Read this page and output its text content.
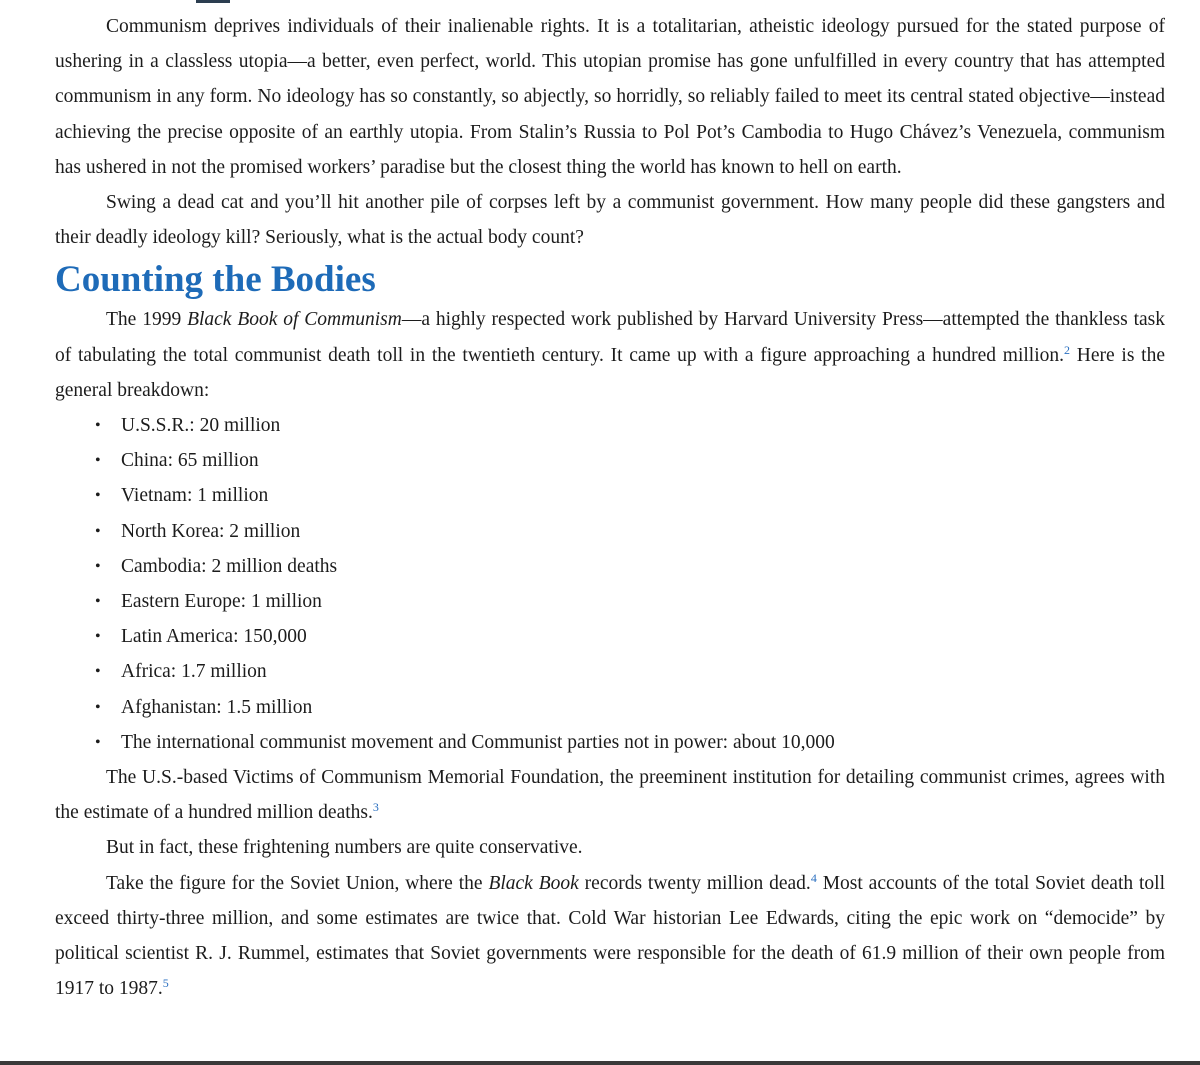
Communism deprives individuals of their inalienable rights. It is a totalitarian, atheistic ideology pursued for the stated purpose of ushering in a classless utopia—a better, even perfect, world. This utopian promise has gone unfulfilled in every country that has attempted communism in any form. No ideology has so constantly, so abjectly, so horridly, so reliably failed to meet its central stated objective—instead achieving the precise opposite of an earthly utopia. From Stalin’s Russia to Pol Pot’s Cambodia to Hugo Chávez’s Venezuela, communism has ushered in not the promised workers’ paradise but the closest thing the world has known to hell on earth.

Swing a dead cat and you’ll hit another pile of corpses left by a communist government. How many people did these gangsters and their deadly ideology kill? Seriously, what is the actual body count?

Counting the Bodies

The 1999 Black Book of Communism—a highly respected work published by Harvard University Press—attempted the thankless task of tabulating the total communist death toll in the twentieth century. It came up with a figure approaching a hundred million.$^2$ Here is the general breakdown:

• U.S.S.R.: 20 million
• China: 65 million
• Vietnam: 1 million
• North Korea: 2 million
• Cambodia: 2 million deaths
• Eastern Europe: 1 million
• Latin America: 150,000
• Africa: 1.7 million
• Afghanistan: 1.5 million
• The international communist movement and Communist parties not in power: about 10,000

The U.S.-based Victims of Communism Memorial Foundation, the preeminent institution for detailing communist crimes, agrees with the estimate of a hundred million deaths.$^3$

But in fact, these frightening numbers are quite conservative.

Take the figure for the Soviet Union, where the Black Book records twenty million dead.$^4$ Most accounts of the total Soviet death toll exceed thirty-three million, and some estimates are twice that. Cold War historian Lee Edwards, citing the epic work on “democide” by political scientist R. J. Rummel, estimates that Soviet governments were responsible for the death of 61.9 million of their own people from 1917 to 1987.$^5$
